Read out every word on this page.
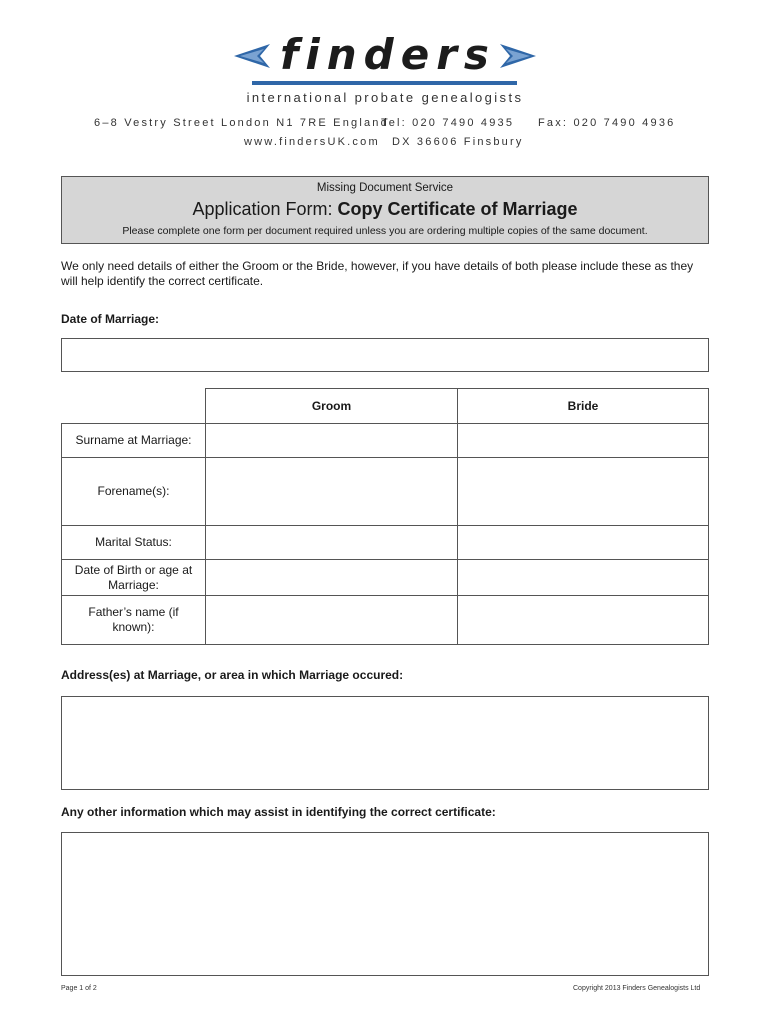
finders
international probate genealogists
6–8 Vestry Street London N1 7RE England
Tel: 020 7490 4935 Fax: 020 7490 4936
www.findersUK.com DX 36606 Finsbury
Missing Document Service
Application Form: Copy Certificate of Marriage
Please complete one form per document required unless you are ordering multiple copies of the same document.
We only need details of either the Groom or the Bride, however, if you have details of both please include these as they will help identify the correct certificate.
Date of Marriage:
Groom	Bride
Surname at Marriage:
Forename(s):
Marital Status:
Date of Birth or age at Marriage:
Father’s name (if known):
Address(es) at Marriage, or area in which Marriage occured:
Any other information which may assist in identifying the correct certificate:
Page 1 of 2	Copyright 2013 Finders Genealogists Ltd
